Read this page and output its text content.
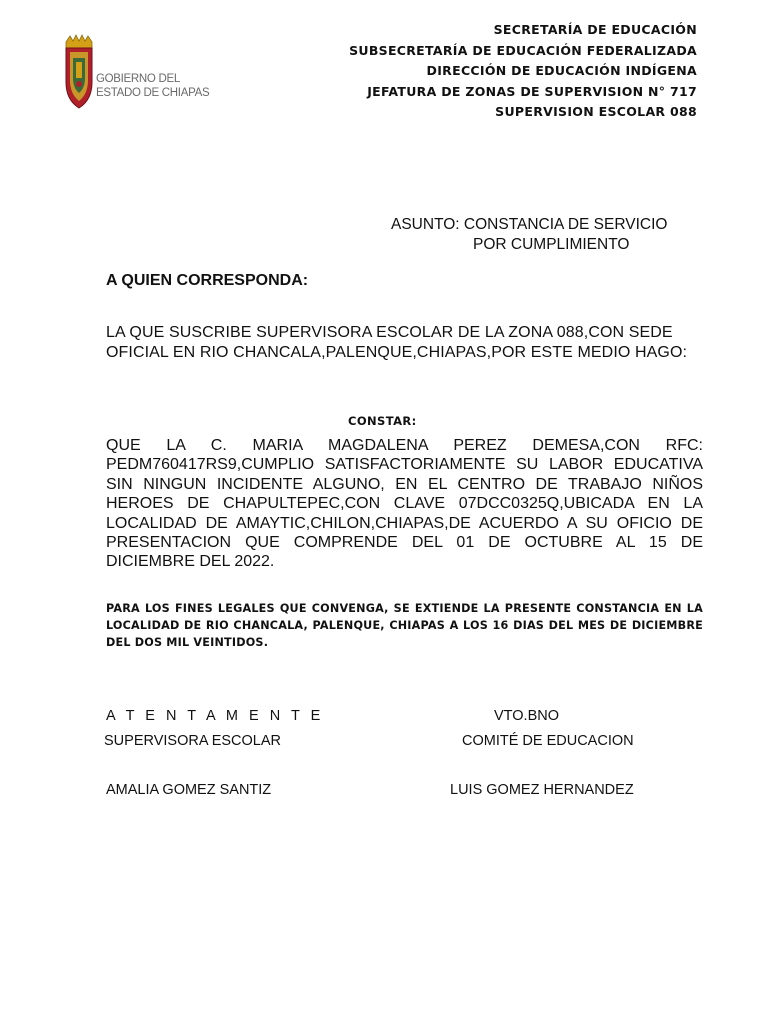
GOBIERNO DEL
ESTADO DE CHIAPAS
SECRETARÍA DE EDUCACIÓN
SUBSECRETARÍA DE EDUCACIÓN FEDERALIZADA
DIRECCIÓN DE EDUCACIÓN INDÍGENA
JEFATURA DE ZONAS DE SUPERVISION N° 717
SUPERVISION ESCOLAR 088
ASUNTO: CONSTANCIA DE SERVICIO
POR CUMPLIMIENTO
A QUIEN CORRESPONDA:
LA QUE SUSCRIBE SUPERVISORA ESCOLAR DE LA ZONA 088,CON SEDE OFICIAL EN RIO CHANCALA,PALENQUE,CHIAPAS,POR ESTE MEDIO HAGO:
CONSTAR:
QUE LA C. MARIA MAGDALENA PEREZ DEMESA,CON RFC: PEDM760417RS9,CUMPLIO SATISFACTORIAMENTE SU LABOR EDUCATIVA SIN NINGUN INCIDENTE ALGUNO, EN EL CENTRO DE TRABAJO NIÑOS HEROES DE CHAPULTEPEC,CON CLAVE 07DCC0325Q,UBICADA EN LA LOCALIDAD DE AMAYTIC,CHILON,CHIAPAS,DE ACUERDO A SU OFICIO DE PRESENTACION QUE COMPRENDE DEL 01 DE OCTUBRE AL 15 DE DICIEMBRE DEL 2022.
PARA LOS FINES LEGALES QUE CONVENGA, SE EXTIENDE LA PRESENTE CONSTANCIA EN LA LOCALIDAD DE RIO CHANCALA, PALENQUE, CHIAPAS A LOS 16 DIAS DEL MES DE DICIEMBRE DEL DOS MIL VEINTIDOS.
A T E N T A M E N T E	VTO.BNO
SUPERVISORA ESCOLAR	COMITÉ DE EDUCACION
AMALIA GOMEZ SANTIZ	LUIS GOMEZ HERNANDEZ
